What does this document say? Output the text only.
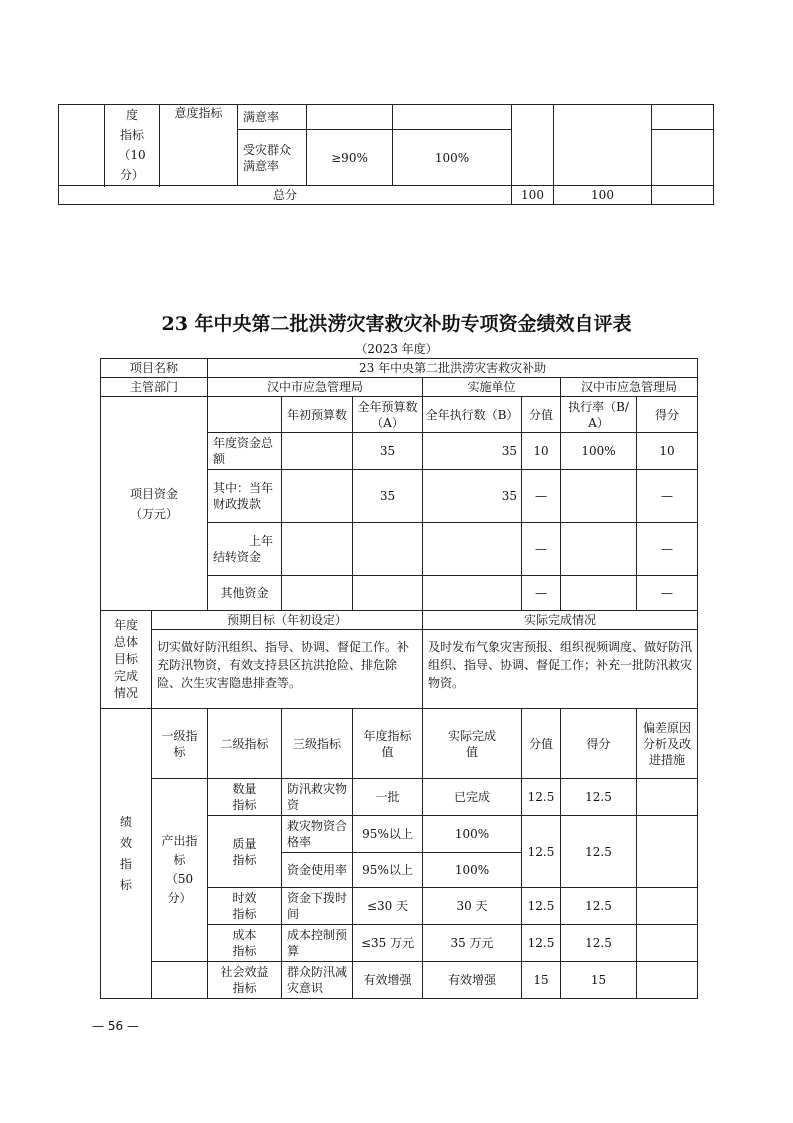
	度
指标
（10
分）	意度指标	满意率					
			受灾群众满意率	≥90%	100%			

总分						100	100	
23 年中央第二批洪涝灾害救灾补助专项资金绩效自评表
（2023 年度）
项目名称		23 年中央第二批洪涝灾害救灾补助						
主管部门		汉中市应急管理局			实施单位		汉中市应急管理局	
项目资金
（万元）			年初预算数	全年预算数（A）	全年执行数（B）	分值	执行率（B/A）	得分
		年度资金总额		35	35	10	100%	10
		其中：当年财政拨款		35	35	—		—
		上年结转资金				—		—
		其他资金				—		—
年度
总体
目标
完成
情况	预期目标（年初设定）				实际完成情况			
	切实做好防汛组织、指导、协调、督促工作。补充防汛物资，有效支持县区抗洪抢险、排危除险、次生灾害隐患排查等。				及时发布气象灾害预报、组织视频调度、做好防汛组织、指导、协调、督促工作；补充一批防汛救灾物资。			
绩
效
指
标	一级指标	二级指标	三级指标	年度指标值	实际完成值	分值	得分	偏差原因分析及改进措施
	产出指
标
（50
分）	数量
指标	防汛救灾物资	一批	已完成	12.5	12.5	
		质量
指标	救灾物资合格率	95%以上	100%	12.5	12.5	
			资金使用率	95%以上	100%			
		时效
指标	资金下拨时间	≤30 天	30 天	12.5	12.5	
		成本
指标	成本控制预算	≤35 万元	35 万元	12.5	12.5	
		社会效益
指标	群众防汛减灾意识	有效增强	有效增强	15	15	
— 56 —
